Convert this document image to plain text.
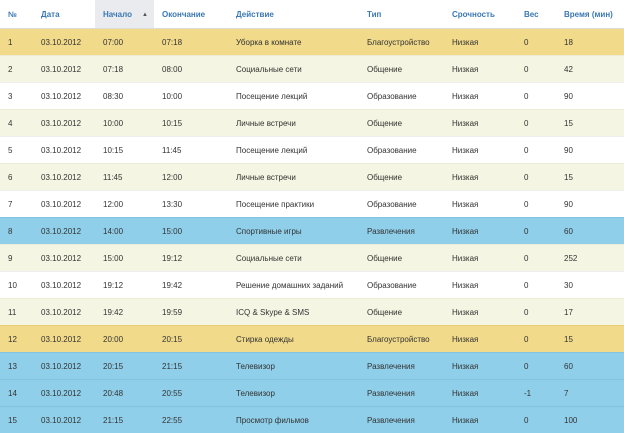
№	Дата	Начало ▲	Окончание	Действие	Тип	Срочность	Вес	Время (мин)
1	03.10.2012	07:00	07:18	Уборка в комнате	Благоустройство	Низкая	0	18
2	03.10.2012	07:18	08:00	Социальные сети	Общение	Низкая	0	42
3	03.10.2012	08:30	10:00	Посещение лекций	Образование	Низкая	0	90
4	03.10.2012	10:00	10:15	Личные встречи	Общение	Низкая	0	15
5	03.10.2012	10:15	11:45	Посещение лекций	Образование	Низкая	0	90
6	03.10.2012	11:45	12:00	Личные встречи	Общение	Низкая	0	15
7	03.10.2012	12:00	13:30	Посещение практики	Образование	Низкая	0	90
8	03.10.2012	14:00	15:00	Спортивные игры	Развлечения	Низкая	0	60
9	03.10.2012	15:00	19:12	Социальные сети	Общение	Низкая	0	252
10	03.10.2012	19:12	19:42	Решение домашних заданий	Образование	Низкая	0	30
11	03.10.2012	19:42	19:59	ICQ & Skype & SMS	Общение	Низкая	0	17
12	03.10.2012	20:00	20:15	Стирка одежды	Благоустройство	Низкая	0	15
13	03.10.2012	20:15	21:15	Телевизор	Развлечения	Низкая	0	60
14	03.10.2012	20:48	20:55	Телевизор	Развлечения	Низкая	-1	7
15	03.10.2012	21:15	22:55	Просмотр фильмов	Развлечения	Низкая	0	100
